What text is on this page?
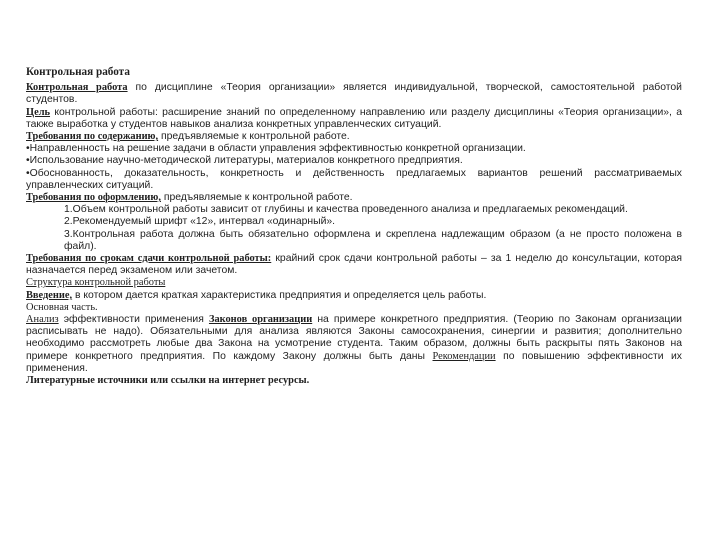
Контрольная работа

Контрольная работа по дисциплине «Теория организации» является индивидуальной, творческой, самостоятельной работой студентов.

Цель контрольной работы: расширение знаний по определенному направлению или разделу дисциплины «Теория организации», а также выработка у студентов навыков анализа конкретных управленческих ситуаций.

Требования по содержанию, предъявляемые к контрольной работе.

•Направленность на решение задачи в области управления эффективностью конкретной организации.

•Использование научно-методической литературы, материалов конкретного предприятия.

•Обоснованность, доказательность, конкретность и действенность предлагаемых вариантов решений рассматриваемых управленческих ситуаций.

Требования по оформлению, предъявляемые к контрольной работе.

1.Объем контрольной работы зависит от глубины и качества проведенного анализа и предлагаемых рекомендаций.

2.Рекомендуемый шрифт «12», интервал «одинарный».

3.Контрольная работа должна быть обязательно оформлена и скреплена надлежащим образом (а не просто положена в файл).

Требования по срокам сдачи контрольной работы: крайний срок сдачи контрольной работы – за 1 неделю до консультации, которая назначается перед экзаменом или зачетом.

Структура контрольной работы

Введение, в котором дается краткая характеристика предприятия и определяется цель работы.

Основная часть.

Анализ эффективности применения Законов организации на примере конкретного предприятия. (Теорию по Законам организации расписывать не надо). Обязательными для анализа являются Законы самосохранения, синергии и развития; дополнительно необходимо рассмотреть любые два Закона на усмотрение студента. Таким образом, должны быть раскрыты пять Законов на примере конкретного предприятия. По каждому Закону должны быть даны Рекомендации по повышению эффективности их применения.

Литературные источники или ссылки на интернет ресурсы.
